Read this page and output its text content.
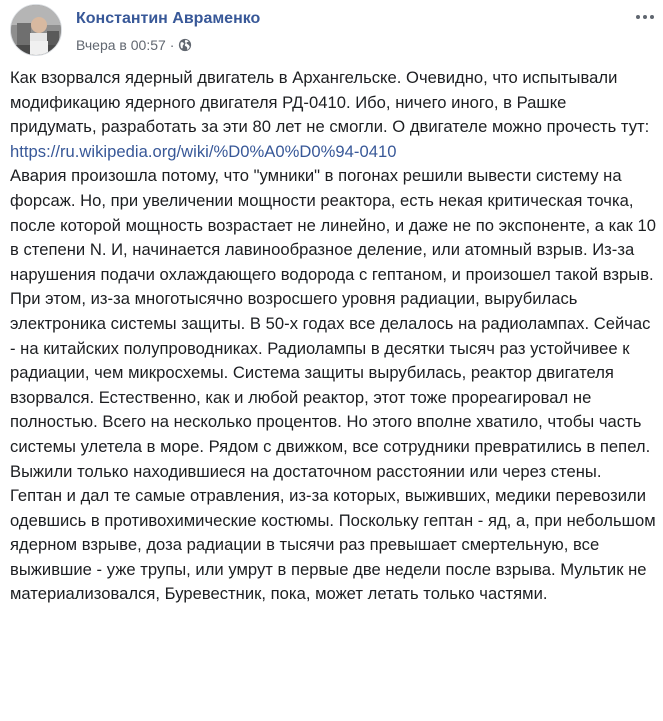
Константин Авраменко
Вчера в 00:57 ·
Как взорвался ядерный двигатель в Архангельске. Очевидно, что испытывали модификацию ядерного двигателя РД-0410. Ибо, ничего иного, в Рашке придумать, разработать за эти 80 лет не смогли. О двигателе можно прочесть тут:
https://ru.wikipedia.org/wiki/%D0%A0%D0%94-0410
Авария произошла потому, что "умники" в погонах решили вывести систему на форсаж. Но, при увеличении мощности реактора, есть некая критическая точка, после которой мощность возрастает не линейно, и даже не по экспоненте, а как 10 в степени N. И, начинается лавинообразное деление, или атомный взрыв. Из-за нарушения подачи охлаждающего водорода с гептаном, и произошел такой взрыв. При этом, из-за многотысячно возросшего уровня радиации, вырубилась электроника системы защиты. В 50-х годах все делалось на радиолампах. Сейчас - на китайских полупроводниках. Радиолампы в десятки тысяч раз устойчивее к радиации, чем микросхемы. Система защиты вырубилась, реактор двигателя взорвался. Естественно, как и любой реактор, этот тоже прореагировал не полностью. Всего на несколько процентов. Но этого вполне хватило, чтобы часть системы улетела в море. Рядом с движком, все сотрудники превратились в пепел. Выжили только находившиеся на достаточном расстоянии или через стены. Гептан и дал те самые отравления, из-за которых, выживших, медики перевозили одевшись в противохимические костюмы. Поскольку гептан - яд, а, при небольшом ядерном взрыве, доза радиации в тысячи раз превышает смертельную, все выжившие - уже трупы, или умрут в первые две недели после взрыва. Мультик не материализовался, Буревестник, пока, может летать только частями.
